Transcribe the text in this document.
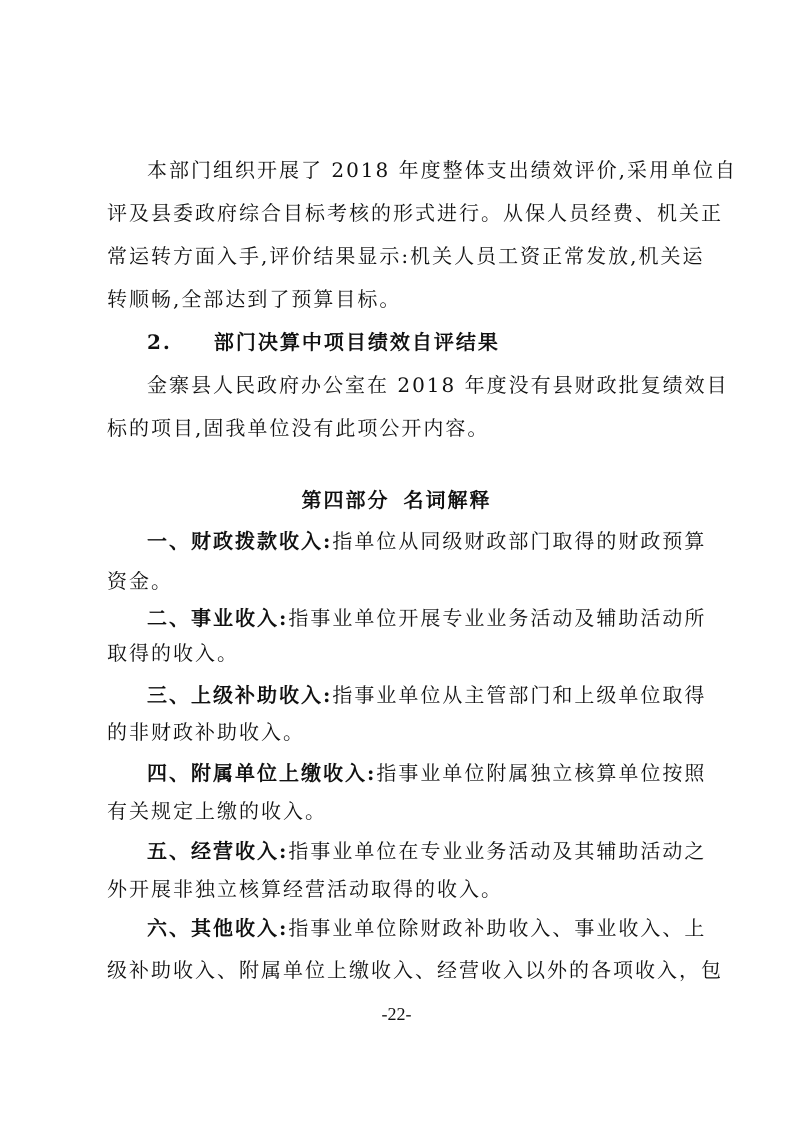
本部门组织开展了 2018 年度整体支出绩效评价,采用单位自
评及县委政府综合目标考核的形式进行。从保人员经费、机关正
常运转方面入手,评价结果显示:机关人员工资正常发放,机关运
转顺畅,全部达到了预算目标。
2. 部门决算中项目绩效自评结果
金寨县人民政府办公室在 2018 年度没有县财政批复绩效目
标的项目,固我单位没有此项公开内容。
第四部分 名词解释
一、财政拨款收入:指单位从同级财政部门取得的财政预算
资金。
二、事业收入:指事业单位开展专业业务活动及辅助活动所
取得的收入。
三、上级补助收入:指事业单位从主管部门和上级单位取得
的非财政补助收入。
四、附属单位上缴收入:指事业单位附属独立核算单位按照
有关规定上缴的收入。
五、经营收入:指事业单位在专业业务活动及其辅助活动之
外开展非独立核算经营活动取得的收入。
六、其他收入:指事业单位除财政补助收入、事业收入、上
级补助收入、附属单位上缴收入、经营收入以外的各项收入，包
-22-
